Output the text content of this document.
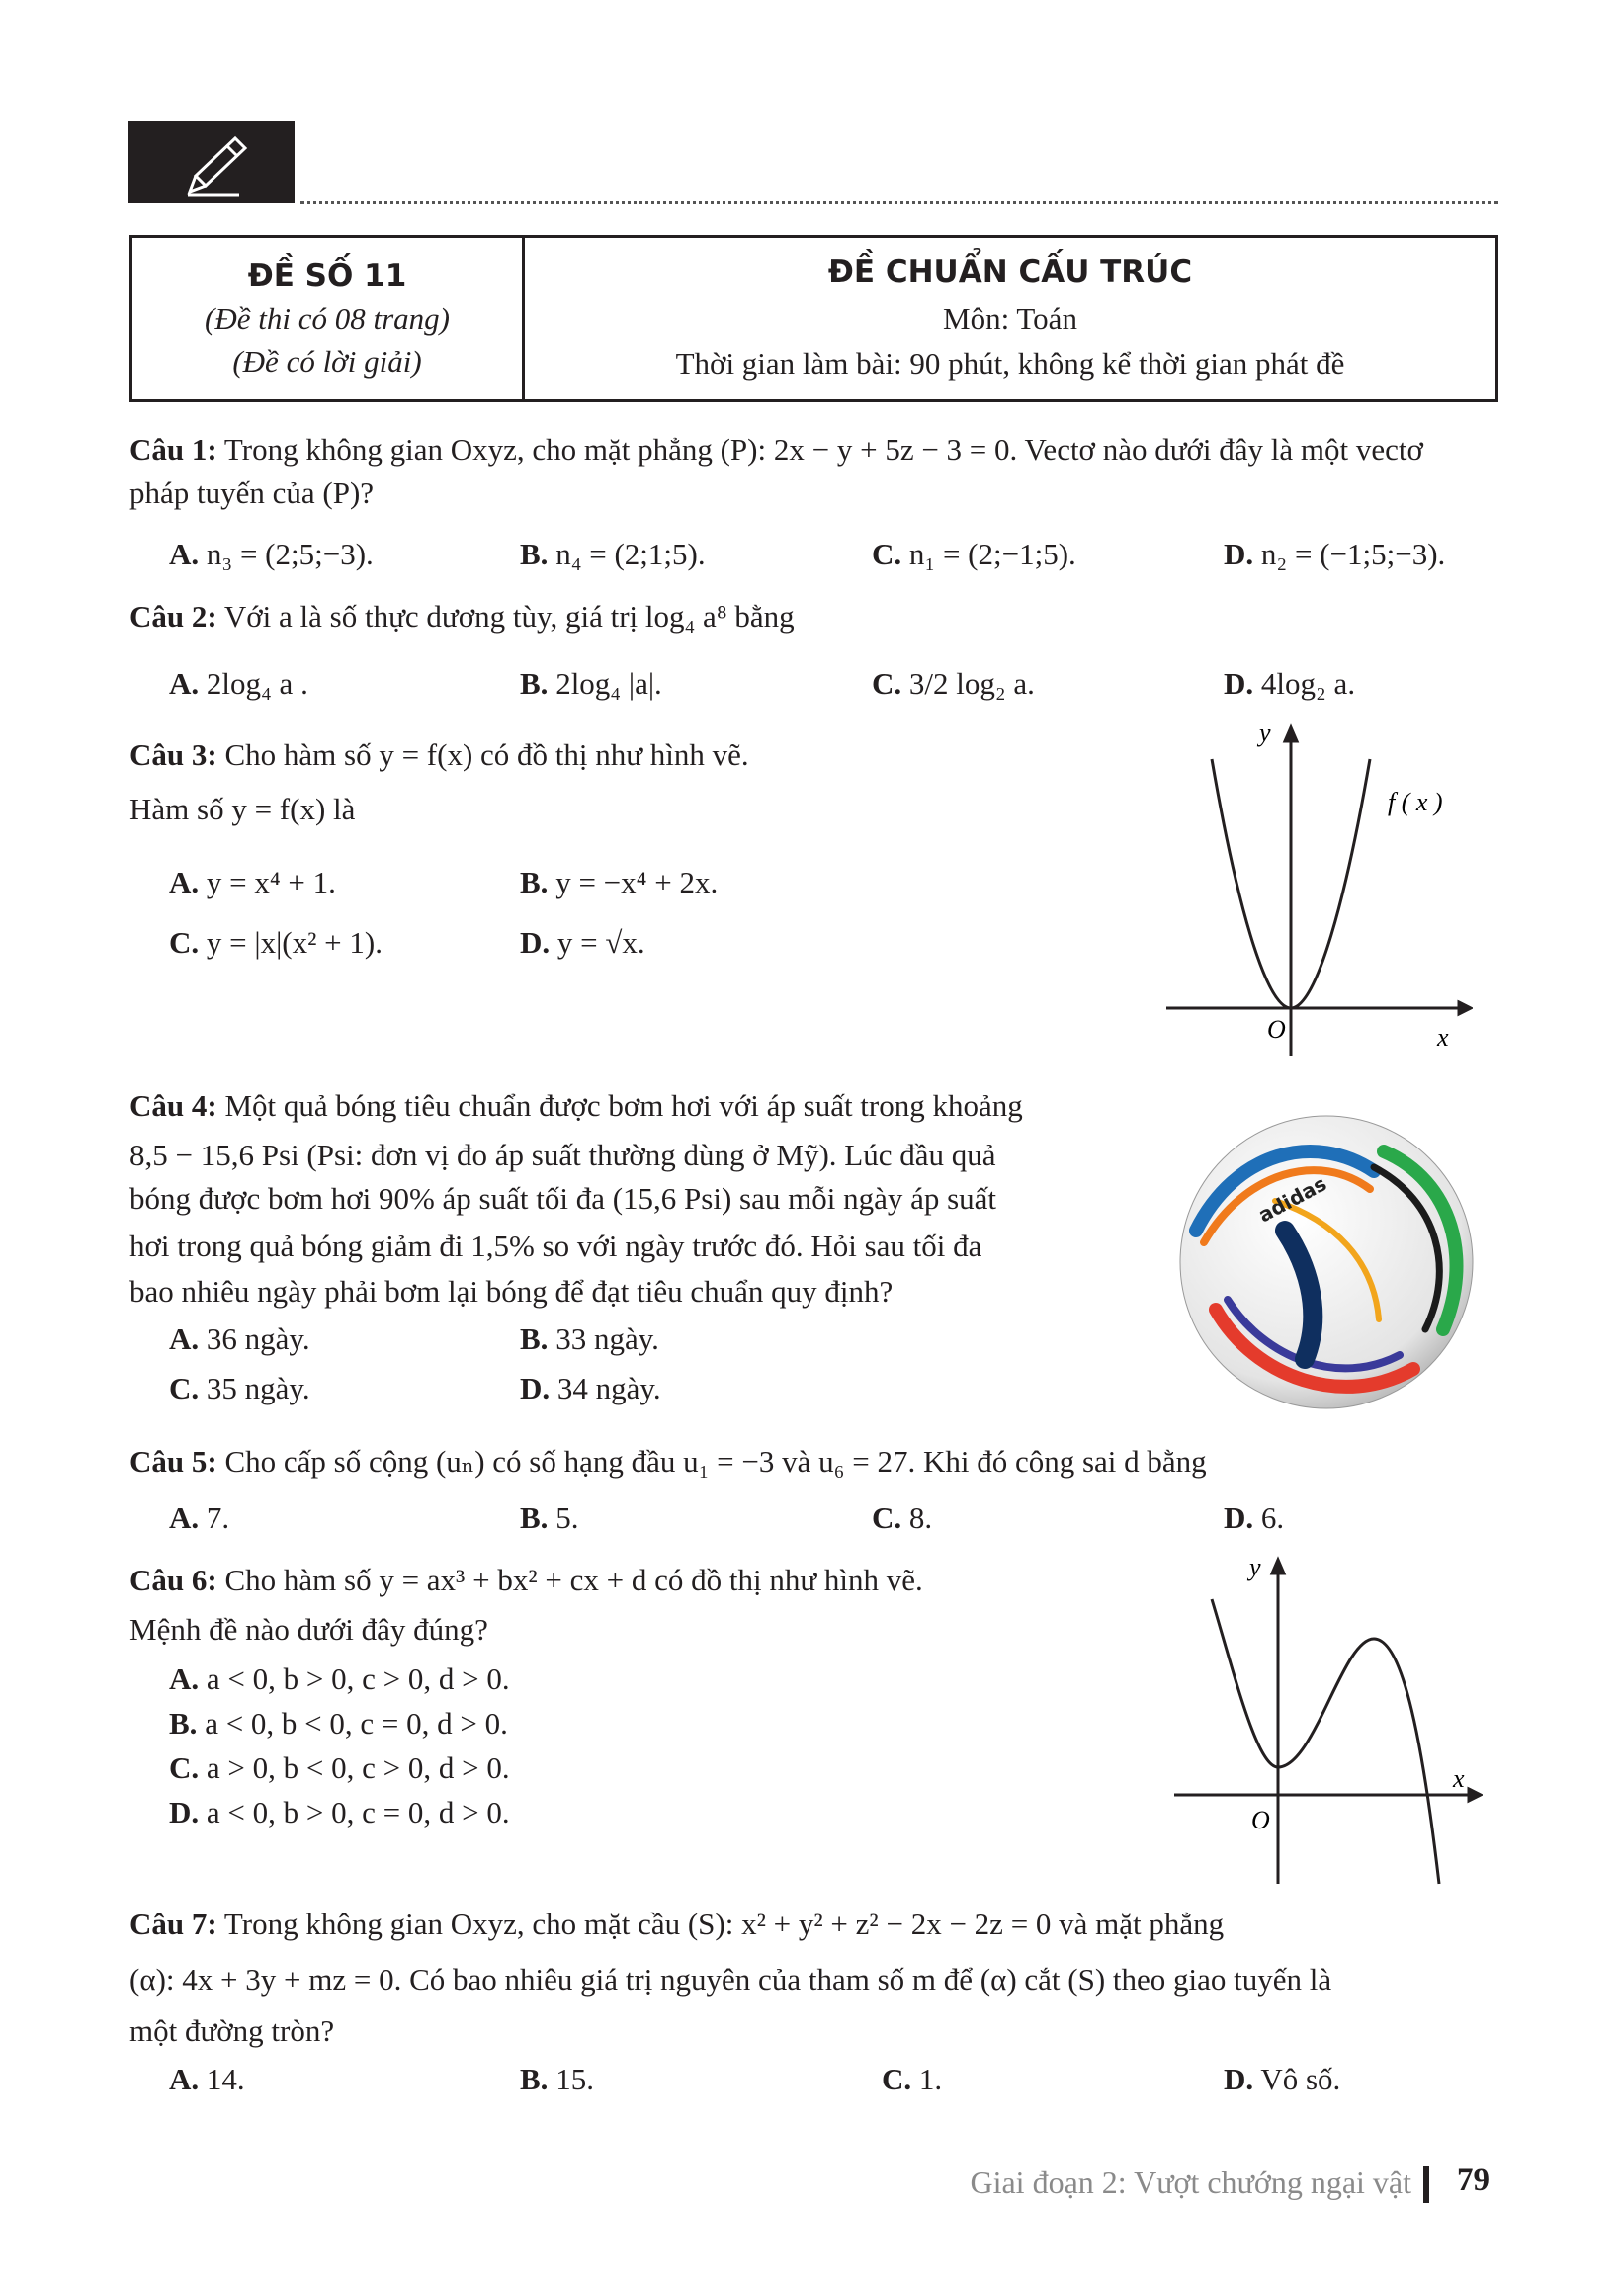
ĐỀ SỐ 11
(Đề thi có 08 trang)
(Đề có lời giải)
ĐỀ CHUẨN CẤU TRÚC
Môn: Toán
Thời gian làm bài: 90 phút, không kể thời gian phát đề
Câu 1: Trong không gian Oxyz, cho mặt phẳng (P): 2x − y + 5z − 3 = 0. Vectơ nào dưới đây là một vectơ
pháp tuyến của (P)?
A. n₃ = (2;5;−3).	B. n₄ = (2;1;5).	C. n₁ = (2;−1;5).	D. n₂ = (−1;5;−3).
Câu 2: Với a là số thực dương tùy, giá trị log₄ a⁸ bằng
A. 2log₄ a .	B. 2log₄ |a|.	C. 3/2 log₂ a.	D. 4log₂ a.
Câu 3: Cho hàm số y = f(x) có đồ thị như hình vẽ.
Hàm số y = f(x) là
A. y = x⁴ + 1.	B. y = −x⁴ + 2x.
C. y = |x|(x² + 1).	D. y = √x.
y
x
O
f ( x )
Câu 4: Một quả bóng tiêu chuẩn được bơm hơi với áp suất trong khoảng
8,5 − 15,6 Psi (Psi: đơn vị đo áp suất thường dùng ở Mỹ). Lúc đầu quả
bóng được bơm hơi 90% áp suất tối đa (15,6 Psi) sau mỗi ngày áp suất
hơi trong quả bóng giảm đi 1,5% so với ngày trước đó. Hỏi sau tối đa
bao nhiêu ngày phải bơm lại bóng để đạt tiêu chuẩn quy định?
A. 36 ngày.	B. 33 ngày.
C. 35 ngày.	D. 34 ngày.
adidas
Câu 5: Cho cấp số cộng (uₙ) có số hạng đầu u₁ = −3 và u₆ = 27. Khi đó công sai d bằng
A. 7.	B. 5.	C. 8.	D. 6.
Câu 6: Cho hàm số y = ax³ + bx² + cx + d có đồ thị như hình vẽ.
Mệnh đề nào dưới đây đúng?
A. a < 0, b > 0, c > 0, d > 0.
B. a < 0, b < 0, c = 0, d > 0.
C. a > 0, b < 0, c > 0, d > 0.
D. a < 0, b > 0, c = 0, d > 0.
y
x
O
Câu 7: Trong không gian Oxyz, cho mặt cầu (S): x² + y² + z² − 2x − 2z = 0 và mặt phẳng
(α): 4x + 3y + mz = 0. Có bao nhiêu giá trị nguyên của tham số m để (α) cắt (S) theo giao tuyến là
một đường tròn?
A. 14.	B. 15.	C. 1.	D. Vô số.
Giai đoạn 2: Vượt chướng ngại vật 79
